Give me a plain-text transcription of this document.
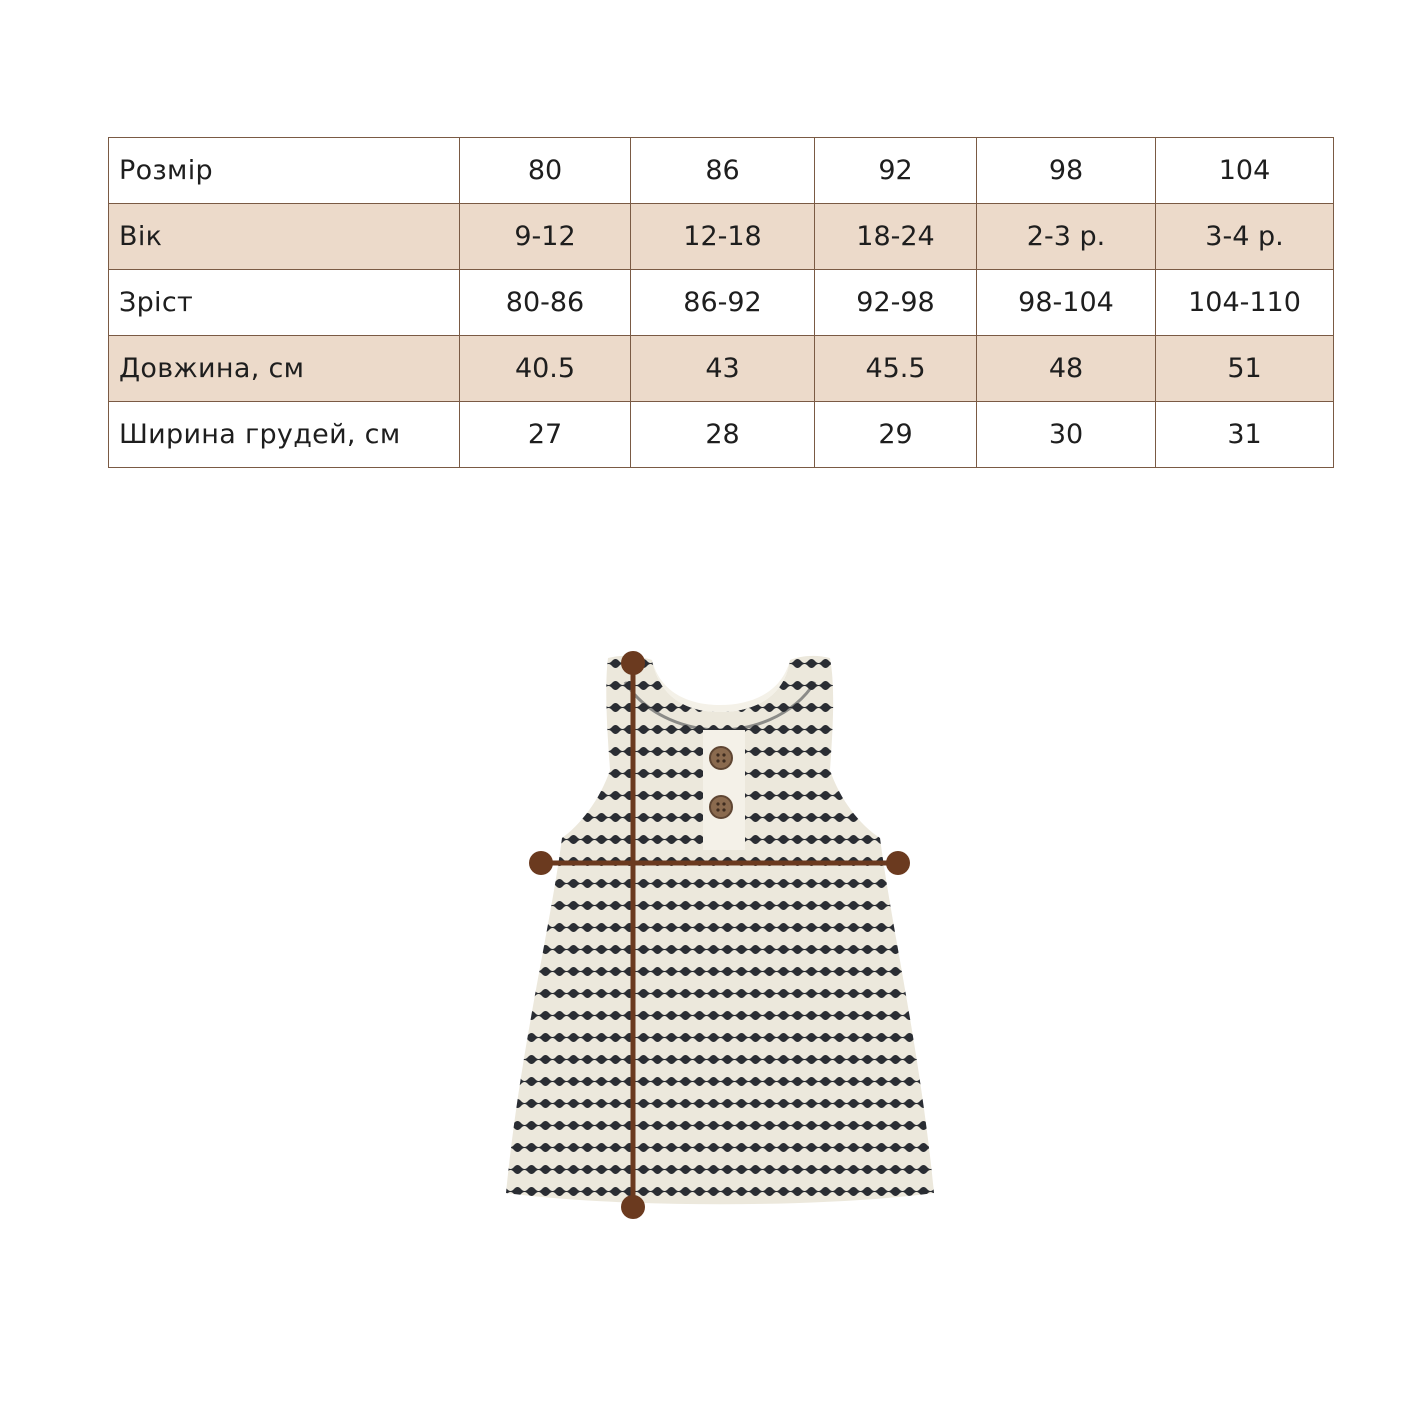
Розмір	80	86	92	98	104
Вік	9-12	12-18	18-24	2-3 р.	3-4 р.
Зріст	80-86	86-92	92-98	98-104	104-110
Довжина, см	40.5	43	45.5	48	51
Ширина грудей, см	27	28	29	30	31
